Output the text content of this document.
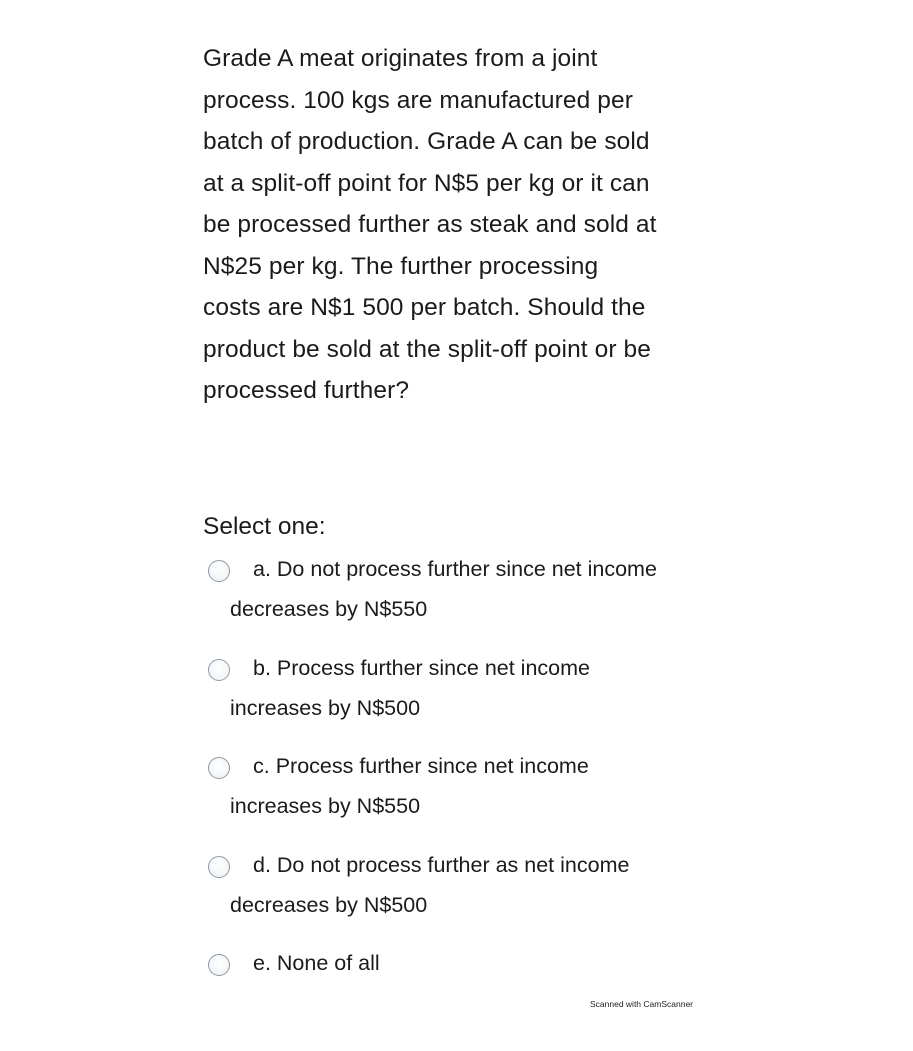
Grade A meat originates from a joint
process. 100 kgs are manufactured per
batch of production. Grade A can be sold
at a split-off point for N$5 per kg or it can
be processed further as steak and sold at
N$25 per kg. The further processing
costs are N$1 500 per batch. Should the
product be sold at the split-off point or be
processed further?
Select one:
a. Do not process further since net income
decreases by N$550
b. Process further since net income
increases by N$500
c. Process further since net income
increases by N$550
d. Do not process further as net income
decreases by N$500
e. None of all
Scanned with CamScanner
